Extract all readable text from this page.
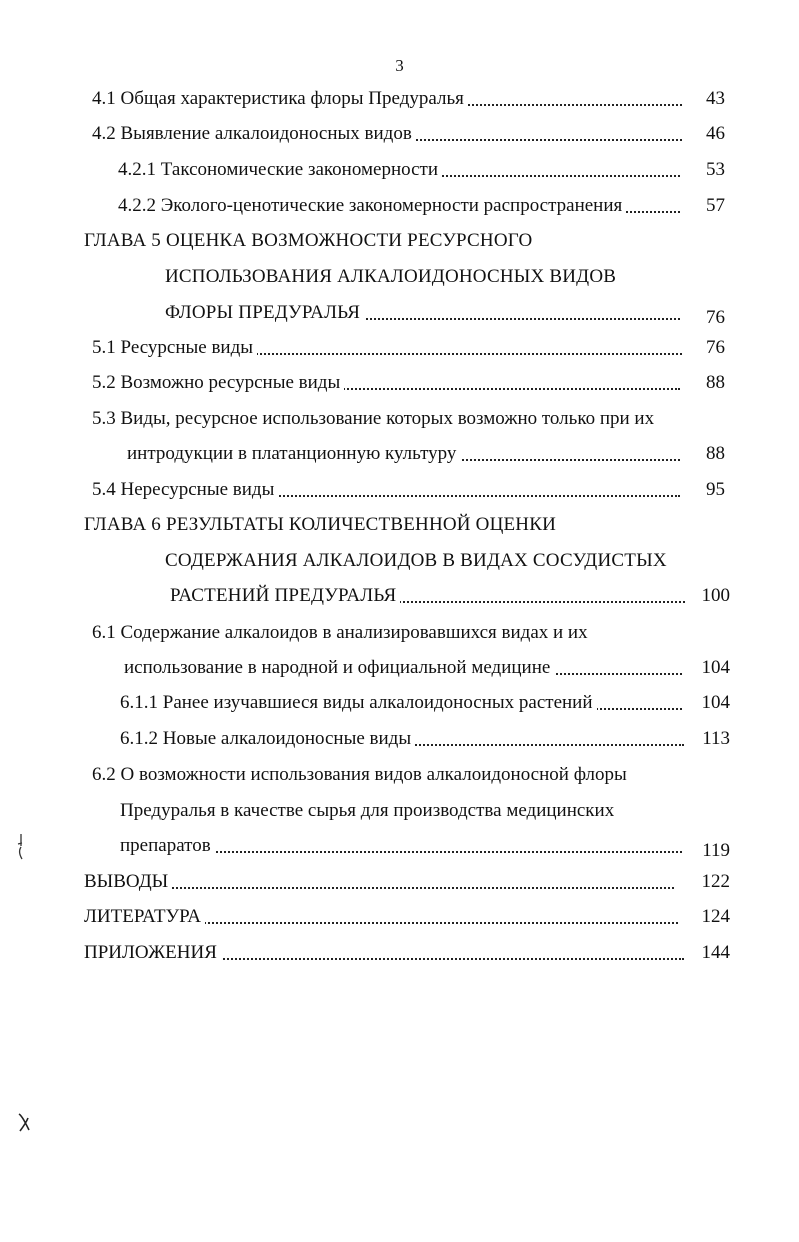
3
4.1 Общая характеристика флоры Предуралья	43
4.2 Выявление алкалоидоносных видов	46
4.2.1 Таксономические закономерности	53
4.2.2 Эколого-ценотические закономерности распространения	57
ГЛАВА 5 ОЦЕНКА ВОЗМОЖНОСТИ РЕСУРСНОГО
ИСПОЛЬЗОВАНИЯ АЛКАЛОИДОНОСНЫХ ВИДОВ
ФЛОРЫ ПРЕДУРАЛЬЯ	76
5.1 Ресурсные виды	76
5.2 Возможно ресурсные виды	88
5.3 Виды, ресурсное использование которых возможно только при их
интродукции в платанционную культуру	88
5.4 Нересурсные виды	95
ГЛАВА 6 РЕЗУЛЬТАТЫ КОЛИЧЕСТВЕННОЙ ОЦЕНКИ
СОДЕРЖАНИЯ АЛКАЛОИДОВ В ВИДАХ СОСУДИСТЫХ
РАСТЕНИЙ ПРЕДУРАЛЬЯ	100
6.1 Содержание алкалоидов в анализировавшихся видах и их
использование в народной и официальной медицине	104
6.1.1 Ранее изучавшиеся виды алкалоидоносных растений	104
6.1.2 Новые алкалоидоносные виды	113
6.2 О возможности использования видов алкалоидоносной флоры
Предуралья в качестве сырья для производства медицинских
препаратов	119
ВЫВОДЫ	122
ЛИТЕРАТУРА	124
ПРИЛОЖЕНИЯ	144
